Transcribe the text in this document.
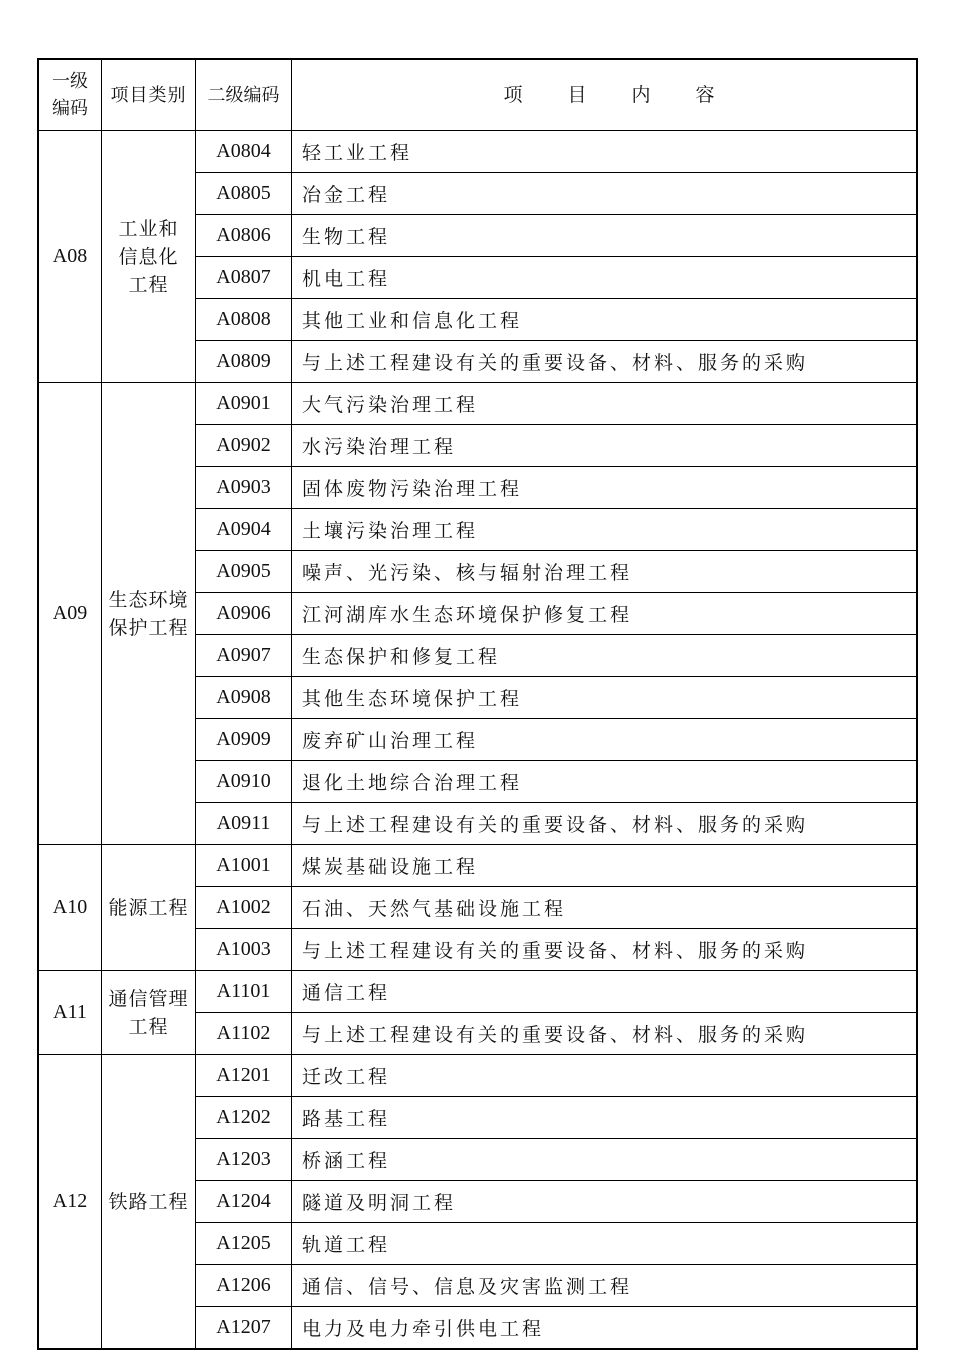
一级
编码	项目类别	二级编码	项 目 内 容
A08	工业和
信息化
工程	A0804	轻工业工程
		A0805	冶金工程
		A0806	生物工程
		A0807	机电工程
		A0808	其他工业和信息化工程
		A0809	与上述工程建设有关的重要设备、材料、服务的采购
A09	生态环境
保护工程	A0901	大气污染治理工程
		A0902	水污染治理工程
		A0903	固体废物污染治理工程
		A0904	土壤污染治理工程
		A0905	噪声、光污染、核与辐射治理工程
		A0906	江河湖库水生态环境保护修复工程
		A0907	生态保护和修复工程
		A0908	其他生态环境保护工程
		A0909	废弃矿山治理工程
		A0910	退化土地综合治理工程
		A0911	与上述工程建设有关的重要设备、材料、服务的采购
A10	能源工程	A1001	煤炭基础设施工程
		A1002	石油、天然气基础设施工程
		A1003	与上述工程建设有关的重要设备、材料、服务的采购
A11	通信管理
工程	A1101	通信工程
		A1102	与上述工程建设有关的重要设备、材料、服务的采购
A12	铁路工程	A1201	迁改工程
		A1202	路基工程
		A1203	桥涵工程
		A1204	隧道及明洞工程
		A1205	轨道工程
		A1206	通信、信号、信息及灾害监测工程
		A1207	电力及电力牵引供电工程
